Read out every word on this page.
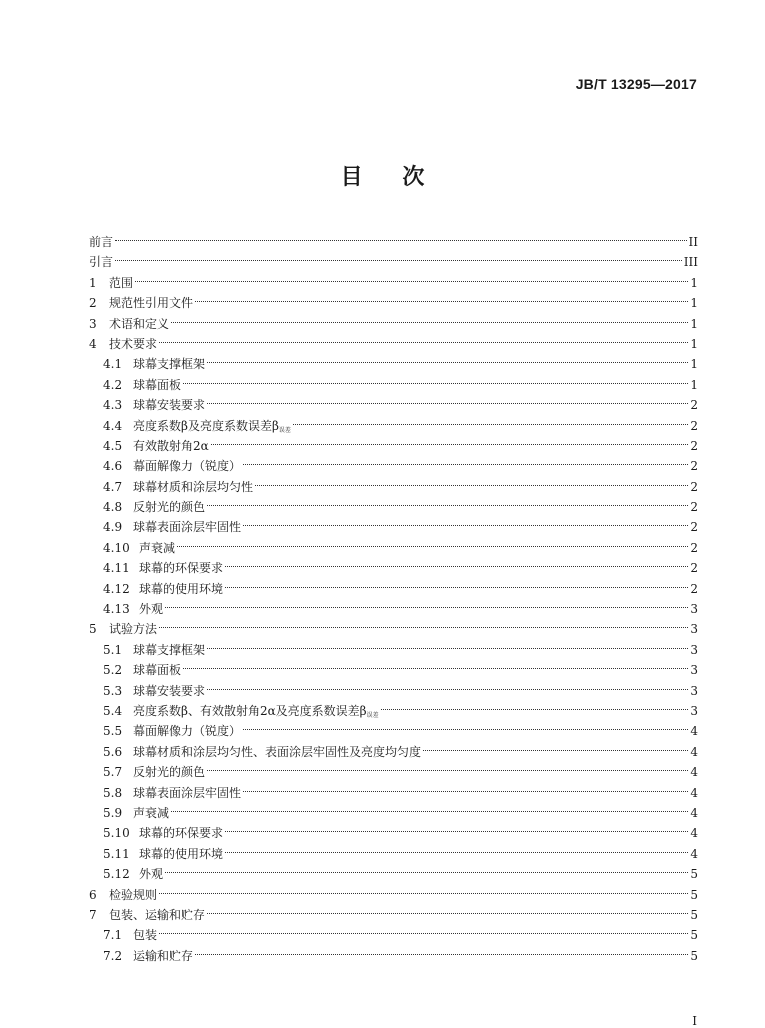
JB/T 13295—2017
目 次
前言	II
引言	III
1	范围	1
2	规范性引用文件	1
3	术语和定义	1
4	技术要求	1
4.1 球幕支撑框架	1
4.2 球幕面板	1
4.3 球幕安装要求	2
4.4 亮度系数β及亮度系数误差$\beta_{误差}$	2
4.5 有效散射角2α	2
4.6 幕面解像力（锐度）	2
4.7 球幕材质和涂层均匀性	2
4.8 反射光的颜色	2
4.9 球幕表面涂层牢固性	2
4.10 声衰减	2
4.11 球幕的环保要求	2
4.12 球幕的使用环境	2
4.13 外观	3
5	试验方法	3
5.1 球幕支撑框架	3
5.2 球幕面板	3
5.3 球幕安装要求	3
5.4 亮度系数β、有效散射角2α及亮度系数误差$\beta_{误差}$	3
5.5 幕面解像力（锐度）	4
5.6 球幕材质和涂层均匀性、表面涂层牢固性及亮度均匀度	4
5.7 反射光的颜色	4
5.8 球幕表面涂层牢固性	4
5.9 声衰减	4
5.10 球幕的环保要求	4
5.11 球幕的使用环境	4
5.12 外观	5
6	检验规则	5
7	包装、运输和贮存	5
7.1 包装	5
7.2 运输和贮存	5
I
